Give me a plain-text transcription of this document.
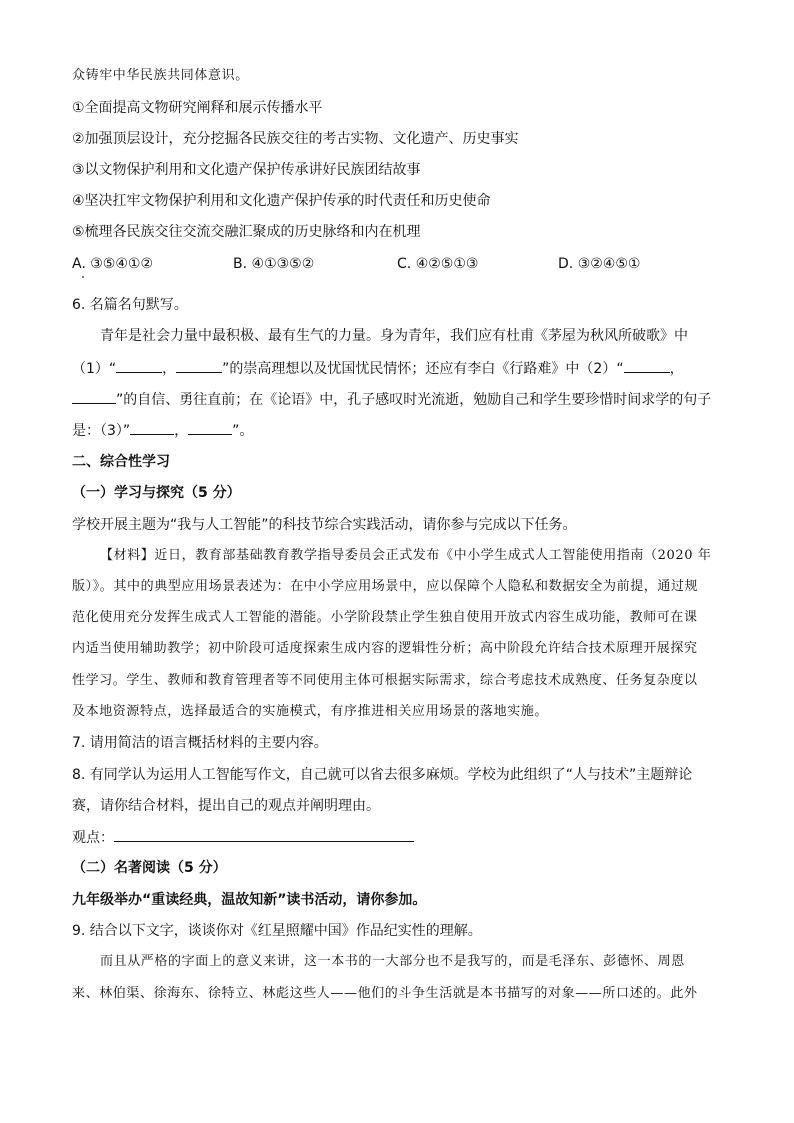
众铸牢中华民族共同体意识。
①全面提高文物研究阐释和展示传播水平
②加强顶层设计，充分挖掘各民族交往的考古实物、文化遗产、历史事实
③以文物保护利用和文化遗产保护传承讲好民族团结故事
④坚决扛牢文物保护利用和文化遗产保护传承的时代责任和历史使命
⑤梳理各民族交往交流交融汇聚成的历史脉络和内在机理
A. ③⑤④①②	B. ④①③⑤②	C. ④②⑤①③	D. ③②④⑤①
6. 名篇名句默写。
青年是社会力量中最积极、最有生气的力量。身为青年，我们应有杜甫《茅屋为秋风所破歌》中
（1）“	，	”的崇高理想以及忧国忧民情怀；还应有李白《行路难》中（2）“	，
”的自信、勇往直前；在《论语》中，孔子感叹时光流逝，勉励自己和学生要珍惜时间求学的句子
是：（3）”	，	”。
二、综合性学习
（一）学习与探究（5 分）
学校开展主题为“我与人工智能”的科技节综合实践活动，请你参与完成以下任务。
【材料】近日，教育部基础教育教学指导委员会正式发布《中小学生成式人工智能使用指南（2020 年
版）》。其中的典型应用场景表述为：在中小学应用场景中，应以保障个人隐私和数据安全为前提，通过规
范化使用充分发挥生成式人工智能的潜能。小学阶段禁止学生独自使用开放式内容生成功能，教师可在课
内适当使用辅助教学；初中阶段可适度探索生成内容的逻辑性分析；高中阶段允许结合技术原理开展探究
性学习。学生、教师和教育管理者等不同使用主体可根据实际需求，综合考虑技术成熟度、任务复杂度以
及本地资源特点，选择最适合的实施模式，有序推进相关应用场景的落地实施。
7. 请用简洁的语言概括材料的主要内容。
8. 有同学认为运用人工智能写作文，自己就可以省去很多麻烦。学校为此组织了“人与技术”主题辩论
赛，请你结合材料，提出自己的观点并阐明理由。
观点：
（二）名著阅读（5 分）
九年级举办“重读经典，温故知新”读书活动，请你参加。
9. 结合以下文字，谈谈你对《红星照耀中国》作品纪实性的理解。
而且从严格的字面上的意义来讲，这一本书的一大部分也不是我写的，而是毛泽东、彭德怀、周恩
来、林伯渠、徐海东、徐特立、林彪这些人——他们的斗争生活就是本书描写的对象——所口述的。此外
